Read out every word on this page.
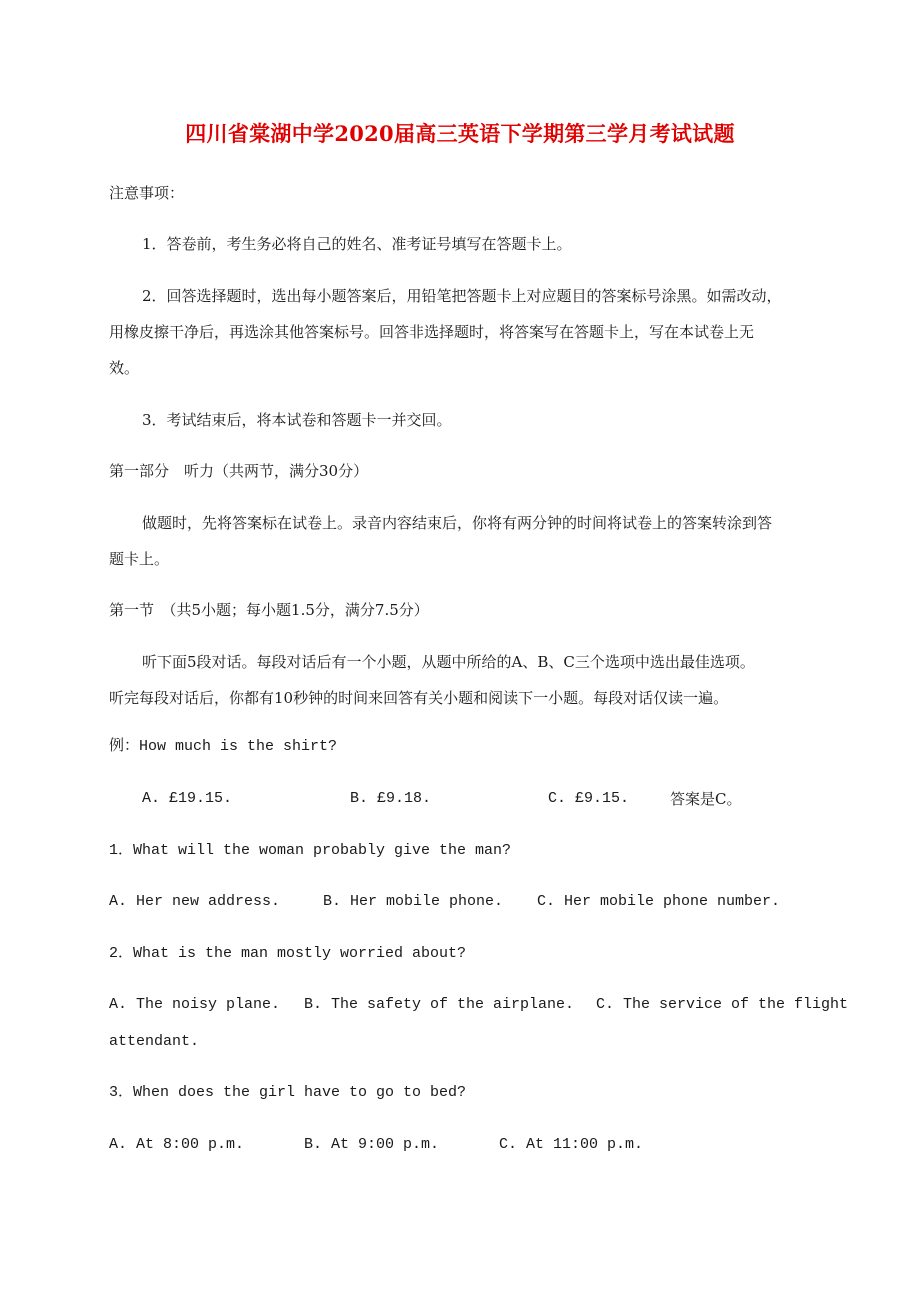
四川省棠湖中学2020届高三英语下学期第三学月考试试题
注意事项：
1．答卷前，考生务必将自己的姓名、准考证号填写在答题卡上。
2．回答选择题时，选出每小题答案后，用铅笔把答题卡上对应题目的答案标号涂黑。如需改动，
用橡皮擦干净后，再选涂其他答案标号。回答非选择题时，将答案写在答题卡上，写在本试卷上无
效。
3．考试结束后，将本试卷和答题卡一并交回。
第一部分　听力（共两节，满分30分）
做题时，先将答案标在试卷上。录音内容结束后，你将有两分钟的时间将试卷上的答案转涂到答
题卡上。
第一节　（共5小题；每小题1.5分，满分7.5分）
听下面5段对话。每段对话后有一个小题，从题中所给的A、B、C三个选项中选出最佳选项。
听完每段对话后，你都有10秒钟的时间来回答有关小题和阅读下一小题。每段对话仅读一遍。
例：How much is the shirt?
A. £19.15.	B. £9.18.	C. £9.15.	答案是C。
1．What will the woman probably give the man?
A. Her new address.	B. Her mobile phone. C. Her mobile phone number.
2．What is the man mostly worried about?
A. The noisy plane. B. The safety of the airplane. C. The service of the flight
attendant.
3．When does the girl have to go to bed?
A. At 8:00 p.m.	B. At 9:00 p.m.	C. At 11:00 p.m.
